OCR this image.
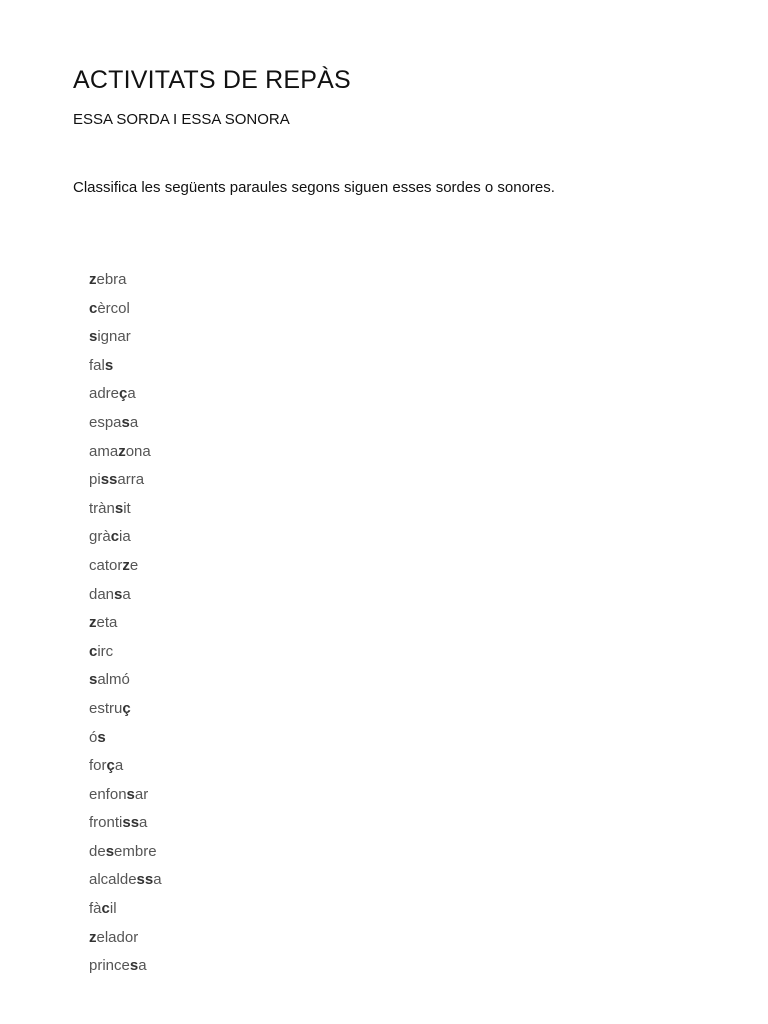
ACTIVITATS DE REPÀS
ESSA SORDA I ESSA SONORA

Classifica les següents paraules segons siguen esses sordes o sonores.

zebra
cèrcol
signar
fals
adreça
espasa
amazona
pissarra
trànsit
gràcia
catorze
dansa
zeta
circ
salmó
estruç
ós
força
enfonsar
frontissa
desembre
alcaldessa
fàcil
zelador
princesa
